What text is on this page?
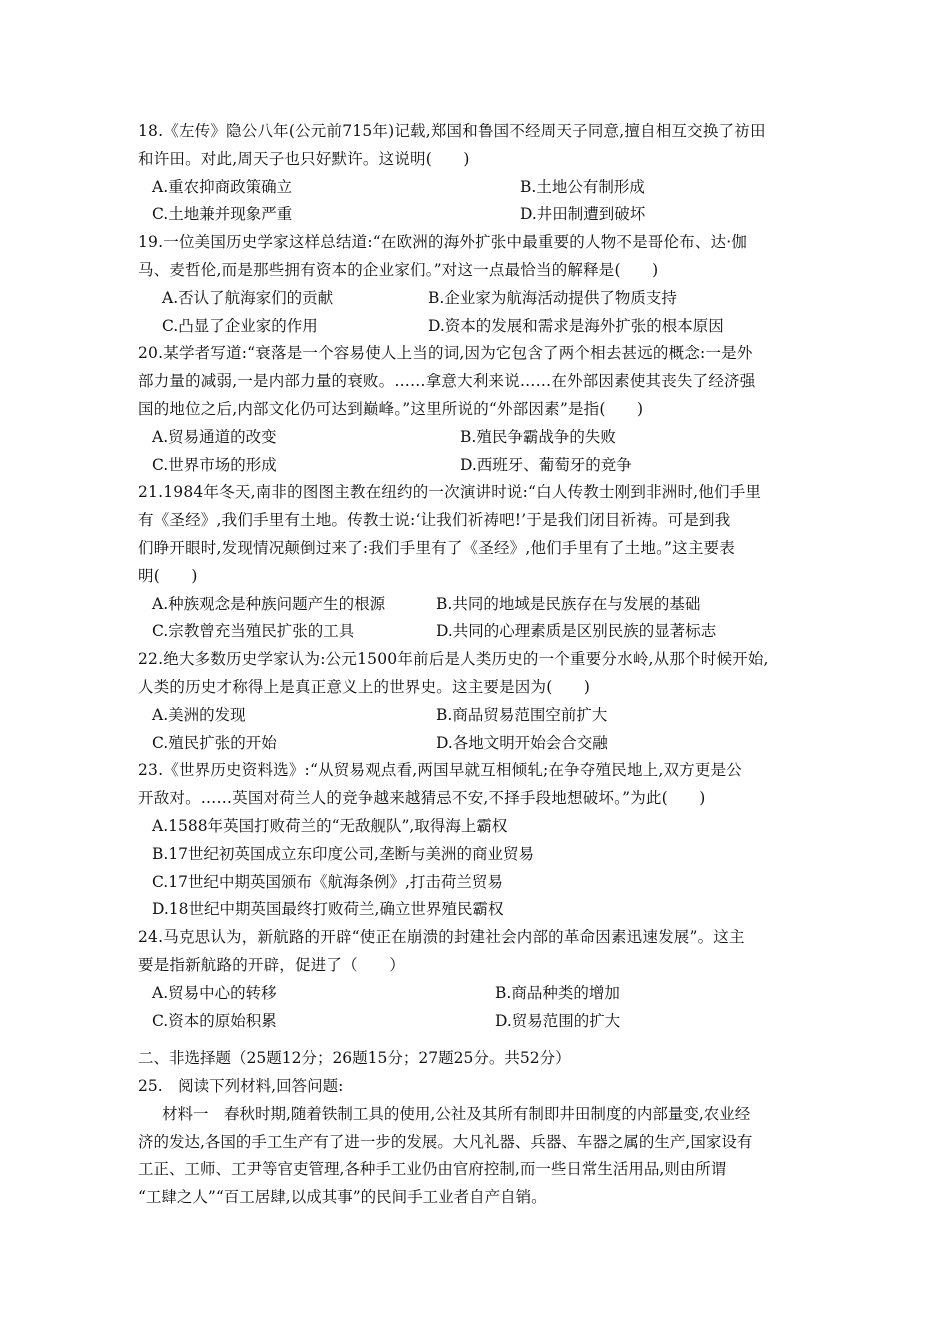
18.《左传》隐公八年(公元前715年)记载,郑国和鲁国不经周天子同意,擅自相互交换了祊田
和许田。对此,周天子也只好默许。这说明(　　)
A.重农抑商政策确立	B.土地公有制形成
C.土地兼并现象严重	D.井田制遭到破坏
19.一位美国历史学家这样总结道:“在欧洲的海外扩张中最重要的人物不是哥伦布、达·伽
马、麦哲伦,而是那些拥有资本的企业家们。”对这一点最恰当的解释是(　　)
A.否认了航海家们的贡献	B.企业家为航海活动提供了物质支持
C.凸显了企业家的作用	D.资本的发展和需求是海外扩张的根本原因
20.某学者写道:“衰落是一个容易使人上当的词,因为它包含了两个相去甚远的概念:一是外
部力量的减弱,一是内部力量的衰败。……拿意大利来说……在外部因素使其丧失了经济强
国的地位之后,内部文化仍可达到巅峰。”这里所说的“外部因素”是指(　　)
A.贸易通道的改变	B.殖民争霸战争的失败
C.世界市场的形成	D.西班牙、葡萄牙的竞争
21.1984年冬天,南非的图图主教在纽约的一次演讲时说:“白人传教士刚到非洲时,他们手里
有《圣经》,我们手里有土地。传教士说:‘让我们祈祷吧!’于是我们闭目祈祷。可是到我
们睁开眼时,发现情况颠倒过来了:我们手里有了《圣经》,他们手里有了土地。”这主要表
明(　　)
A.种族观念是种族问题产生的根源	B.共同的地域是民族存在与发展的基础
C.宗教曾充当殖民扩张的工具	D.共同的心理素质是区别民族的显著标志
22.绝大多数历史学家认为:公元1500年前后是人类历史的一个重要分水岭,从那个时候开始,
人类的历史才称得上是真正意义上的世界史。这主要是因为(　　)
A.美洲的发现	B.商品贸易范围空前扩大
C.殖民扩张的开始	D.各地文明开始会合交融
23.《世界历史资料选》:“从贸易观点看,两国早就互相倾轧;在争夺殖民地上,双方更是公
开敌对。……英国对荷兰人的竞争越来越猜忌不安,不择手段地想破坏。”为此(　　)
A.1588年英国打败荷兰的“无敌舰队”,取得海上霸权
B.17世纪初英国成立东印度公司,垄断与美洲的商业贸易
C.17世纪中期英国颁布《航海条例》,打击荷兰贸易
D.18世纪中期英国最终打败荷兰,确立世界殖民霸权
24.马克思认为，新航路的开辟“使正在崩溃的封建社会内部的革命因素迅速发展”。这主
要是指新航路的开辟，促进了（　　）
A.贸易中心的转移	B.商品种类的增加
C.资本的原始积累	D.贸易范围的扩大
二、非选择题（25题12分；26题15分；27题25分。共52分）
25.　阅读下列材料,回答问题:
材料一　春秋时期,随着铁制工具的使用,公社及其所有制即井田制度的内部量变,农业经
济的发达,各国的手工生产有了进一步的发展。大凡礼器、兵器、车器之属的生产,国家设有
工正、工师、工尹等官吏管理,各种手工业仍由官府控制,而一些日常生活用品,则由所谓
“工肆之人”“百工居肆,以成其事”的民间手工业者自产自销。
